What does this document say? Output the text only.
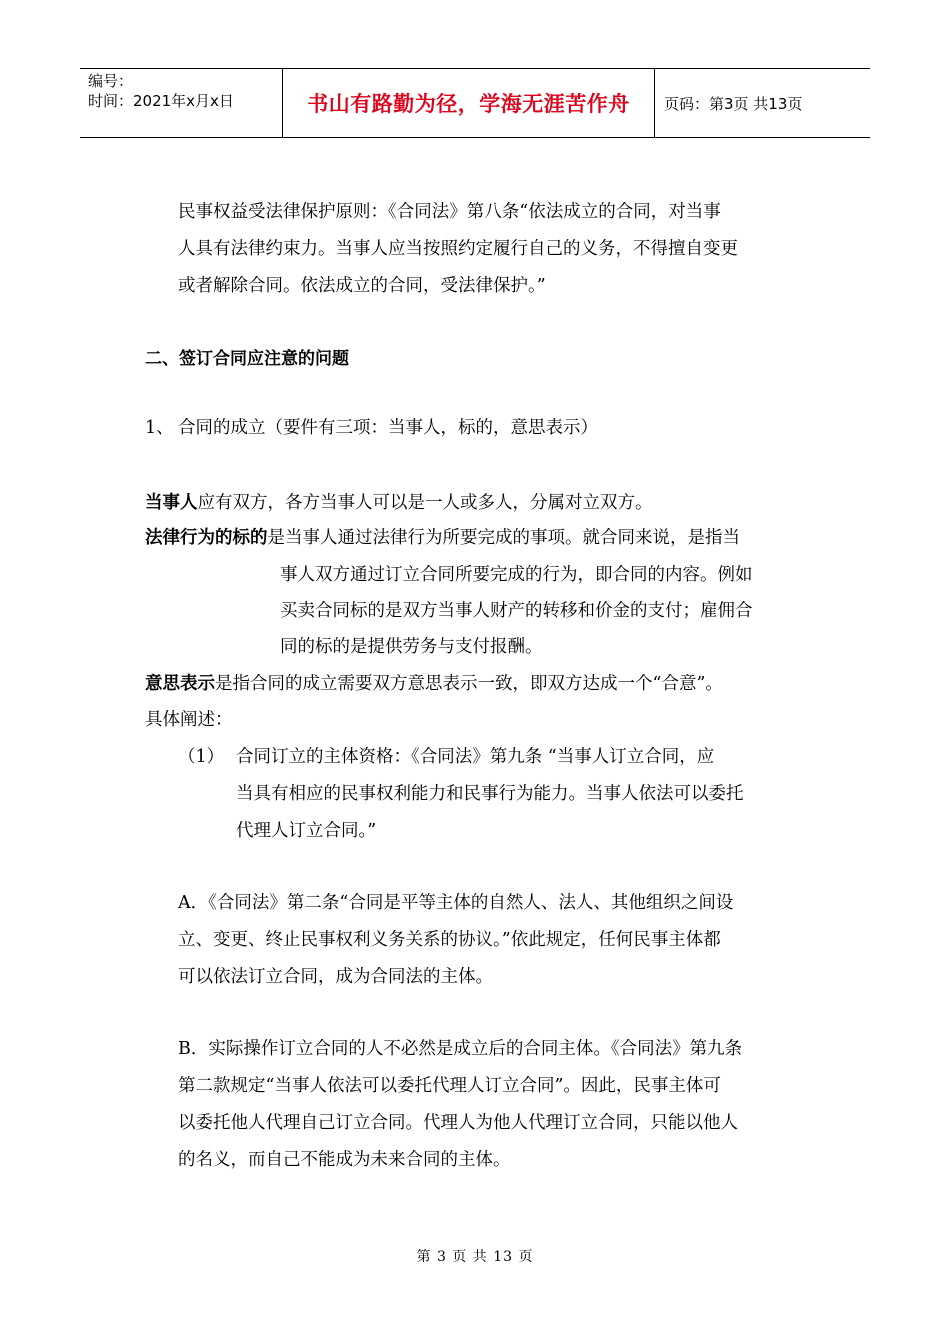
编号：
时间：2021年x月x日	书山有路勤为径，学海无涯苦作舟	页码：第3页 共13页
民事权益受法律保护原则：《合同法》第八条“依法成立的合同，对当事
人具有法律约束力。当事人应当按照约定履行自己的义务，不得擅自变更
或者解除合同。依法成立的合同，受法律保护。”
二、签订合同应注意的问题
1、 合同的成立（要件有三项：当事人，标的，意思表示）
当事人应有双方，各方当事人可以是一人或多人，分属对立双方。
法律行为的标的是当事人通过法律行为所要完成的事项。就合同来说，是指当
事人双方通过订立合同所要完成的行为，即合同的内容。例如
买卖合同标的是双方当事人财产的转移和价金的支付；雇佣合
同的标的是提供劳务与支付报酬。
意思表示是指合同的成立需要双方意思表示一致，即双方达成一个“合意”。
具体阐述：
（1） 合同订立的主体资格：《合同法》第九条 “当事人订立合同，应
当具有相应的民事权利能力和民事行为能力。当事人依法可以委托
代理人订立合同。”
A．《合同法》第二条“合同是平等主体的自然人、法人、其他组织之间设
立、变更、终止民事权利义务关系的协议。”依此规定，任何民事主体都
可以依法订立合同，成为合同法的主体。
B．实际操作订立合同的人不必然是成立后的合同主体。《合同法》第九条
第二款规定“当事人依法可以委托代理人订立合同”。因此，民事主体可
以委托他人代理自己订立合同。代理人为他人代理订立合同，只能以他人
的名义，而自己不能成为未来合同的主体。
第 3 页 共 13 页
